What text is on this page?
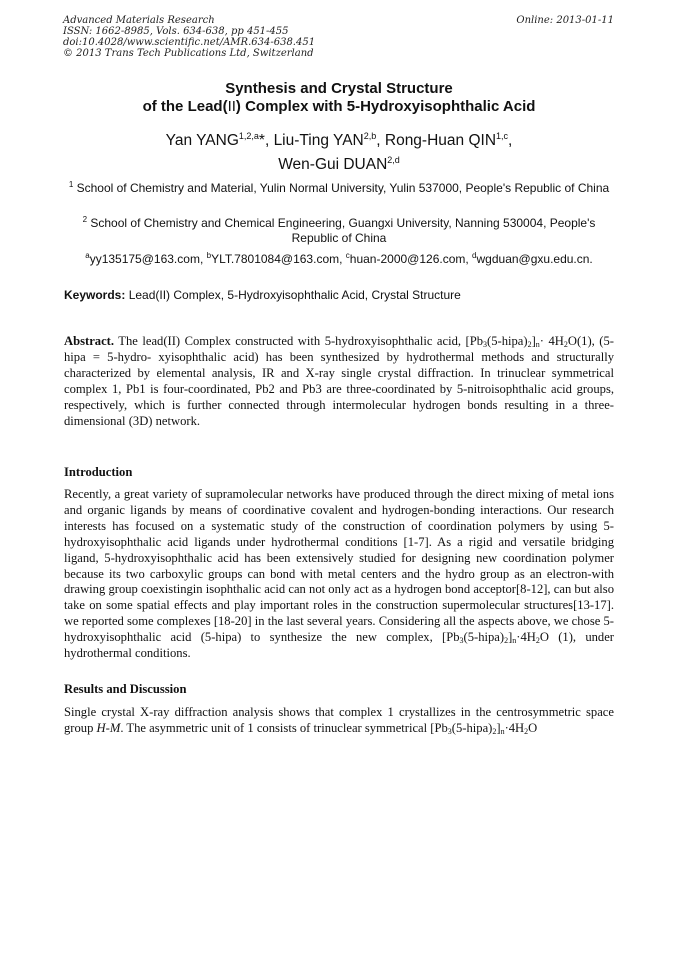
Advanced Materials Research
ISSN: 1662-8985, Vols. 634-638, pp 451-455
doi:10.4028/www.scientific.net/AMR.634-638.451
© 2013 Trans Tech Publications Ltd, Switzerland
Online: 2013-01-11
Synthesis and Crystal Structure
of the Lead(II) Complex with 5-Hydroxyisophthalic Acid
Yan YANG$^{1,2,a}$*, Liu-Ting YAN$^{2,b}$, Rong-Huan QIN$^{1,c}$,
Wen-Gui DUAN$^{2,d}$
$^1$ School of Chemistry and Material, Yulin Normal University, Yulin 537000, People's Republic of China
$^2$ School of Chemistry and Chemical Engineering, Guangxi University, Nanning 530004, People's Republic of China
$^a$yy135175@163.com, $^b$YLT.7801084@163.com, $^c$huan-2000@126.com, $^d$wgduan@gxu.edu.cn.
Keywords: Lead(II) Complex, 5-Hydroxyisophthalic Acid, Crystal Structure
Abstract. The lead(II) Complex constructed with 5-hydroxyisophthalic acid, $[Pb_3(5-hipa)_2]_n\cdot 4H_2O(1)$, (5-hipa = 5-hydro- xyisophthalic acid) has been synthesized by hydrothermal methods and structurally characterized by elemental analysis, IR and X-ray single crystal diffraction. In trinuclear symmetrical complex 1, Pb1 is four-coordinated, Pb2 and Pb3 are three-coordinated by 5-nitroisophthalic acid groups, respectively, which is further connected through intermolecular hydrogen bonds resulting in a three-dimensional (3D) network.
Introduction
Recently, a great variety of supramolecular networks have produced through the direct mixing of metal ions and organic ligands by means of coordinative covalent and hydrogen-bonding interactions. Our research interests has focused on a systematic study of the construction of coordination polymers by using 5-hydroxyisophthalic acid ligands under hydrothermal conditions [1-7]. As a rigid and versatile bridging ligand, 5-hydroxyisophthalic acid has been extensively studied for designing new coordination polymer because its two carboxylic groups can bond with metal centers and the hydro group as an electron-with drawing group coexistingin isophthalic acid can not only act as a hydrogen bond acceptor[8-12], can but also take on some spatial effects and play important roles in the construction supermolecular structures[13-17]. we reported some complexes [18-20] in the last several years. Considering all the aspects above, we chose 5-hydroxyisophthalic acid (5-hipa) to synthesize the new complex, $[Pb_3(5-hipa)_2]_n\cdot 4H_2O$ (1), under hydrothermal conditions.
Results and Discussion
Single crystal X-ray diffraction analysis shows that complex 1 crystallizes in the centrosymmetric space group H-M. The asymmetric unit of 1 consists of trinuclear symmetrical $[Pb_3(5-hipa)_2]_n\cdot 4H_2O$
